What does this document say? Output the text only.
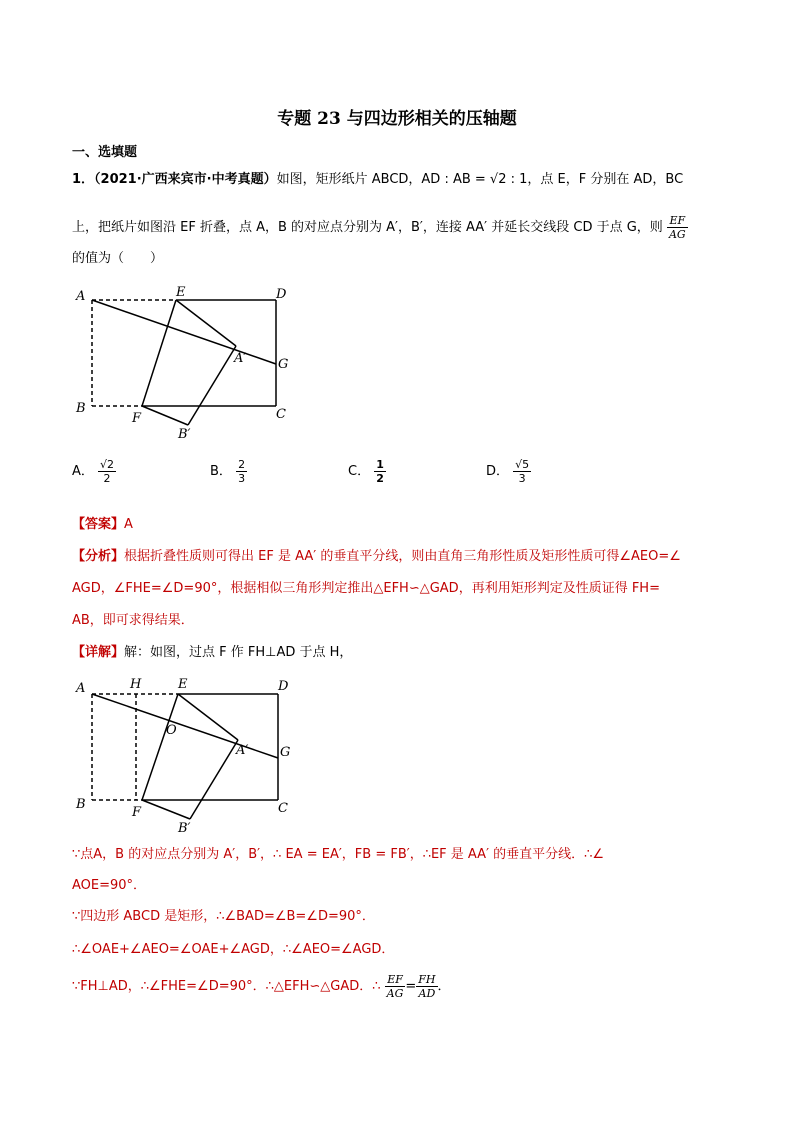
专题 23 与四边形相关的压轴题
一、选填题
1．（2021·广西来宾市·中考真题）如图，矩形纸片 ABCD，AD : AB = √2 : 1，点 E，F 分别在 AD，BC
上，把纸片如图沿 EF 折叠，点 A，B 的对应点分别为 A′，B′，连接 AA′ 并延长交线段 CD 于点 G，则 $\frac{EF}{AG}$
的值为（　　）
A	E	D
A′ G
B
F	C
B′
A． $\frac{√2}{2}$	B． $\frac{2}{3}$	C． $\frac{1}{2}$	D． $\frac{√5}{3}$
【答案】A
【分析】根据折叠性质则可得出 EF 是 AA′ 的垂直平分线，则由直角三角形性质及矩形性质可得∠AEO=∠
AGD，∠FHE=∠D=90°，根据相似三角形判定推出△EFH∽△GAD，再利用矩形判定及性质证得 FH=
AB，即可求得结果．
【详解】解：如图，过点 F 作 FH⊥AD 于点 H，
A	H	E	D
O
A′ G
B
F	C
B′
∵点A，B 的对应点分别为 A′，B′，∴ EA = EA′，FB = FB′，∴EF 是 AA′ 的垂直平分线．∴∠
AOE=90°．
∵四边形 ABCD 是矩形，∴∠BAD=∠B=∠D=90°．
∴∠OAE+∠AEO=∠OAE+∠AGD，∴∠AEO=∠AGD．
∵FH⊥AD，∴∠FHE=∠D=90°．∴△EFH∽△GAD．∴ $\frac{EF}{AG} = \frac{FH}{AD}$ ．
